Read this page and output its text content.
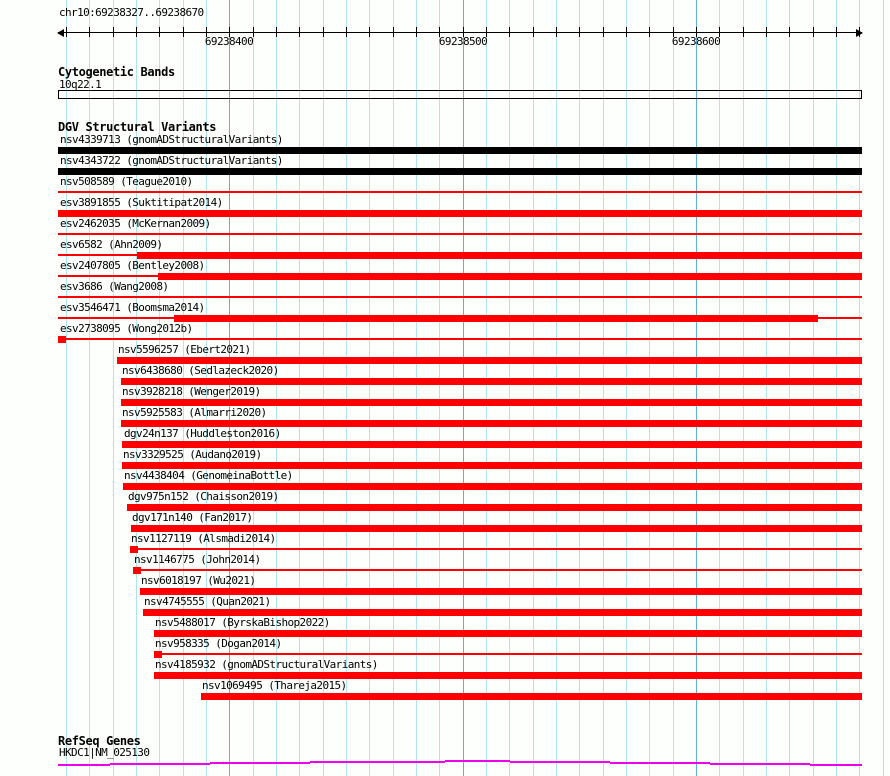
chr10:69238327..69238670
69238400	69238500	69238600
Cytogenetic Bands
10q22.1
DGV Structural Variants
nsv4339713 (gnomADStructuralVariants)
nsv4343722 (gnomADStructuralVariants)
nsv508589 (Teague2010)
esv3891855 (Suktitipat2014)
esv2462035 (McKernan2009)
esv6582 (Ahn2009)
esv2407805 (Bentley2008)
esv3686 (Wang2008)
esv3546471 (Boomsma2014)
esv2738095 (Wong2012b)
nsv5596257 (Ebert2021)
nsv6438680 (Sedlazeck2020)
nsv3928218 (Wenger2019)
nsv5925583 (Almarri2020)
dgv24n137 (Huddleston2016)
nsv3329525 (Audano2019)
nsv4438404 (GenomeinaBottle)
dgv975n152 (Chaisson2019)
dgv171n140 (Fan2017)
nsv1127119 (Alsmadi2014)
nsv1146775 (John2014)
nsv6018197 (Wu2021)
nsv4745555 (Quan2021)
nsv5488017 (ByrskaBishop2022)
nsv958335 (Dogan2014)
nsv4185932 (gnomADStructuralVariants)
nsv1069495 (Thareja2015)
RefSeq Genes
HKDC1|NM_025130
